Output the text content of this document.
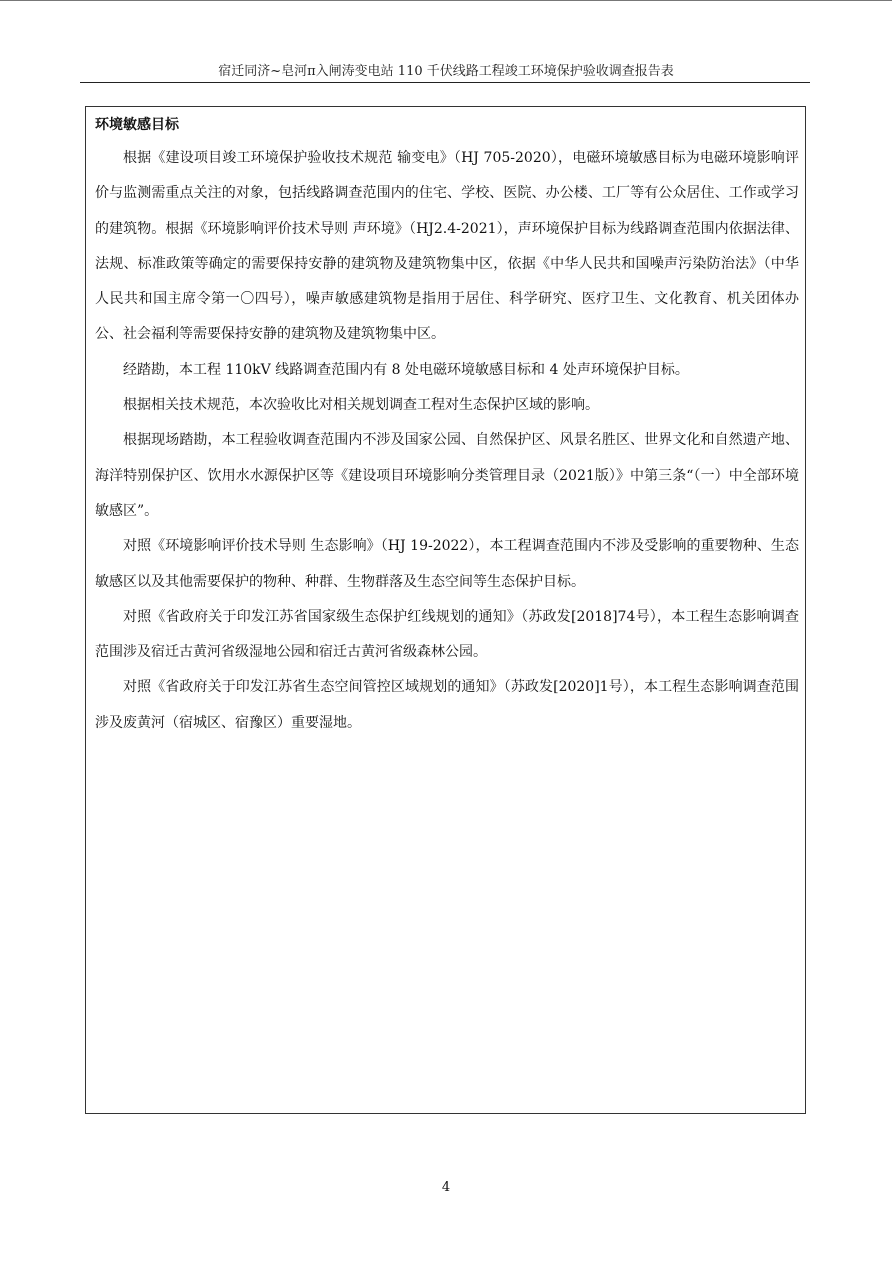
宿迁同济~皂河π入闸涛变电站 110 千伏线路工程竣工环境保护验收调查报告表
环境敏感目标

根据《建设项目竣工环境保护验收技术规范 输变电》（HJ 705-2020），电磁环境敏感目标为电磁环境影响评价与监测需重点关注的对象，包括线路调查范围内的住宅、学校、医院、办公楼、工厂等有公众居住、工作或学习的建筑物。根据《环境影响评价技术导则 声环境》（HJ2.4-2021），声环境保护目标为线路调查范围内依据法律、法规、标准政策等确定的需要保持安静的建筑物及建筑物集中区，依据《中华人民共和国噪声污染防治法》（中华人民共和国主席令第一〇四号），噪声敏感建筑物是指用于居住、科学研究、医疗卫生、文化教育、机关团体办公、社会福利等需要保持安静的建筑物及建筑物集中区。

经踏勘，本工程 110kV 线路调查范围内有 8 处电磁环境敏感目标和 4 处声环境保护目标。

根据相关技术规范，本次验收比对相关规划调查工程对生态保护区域的影响。

根据现场踏勘，本工程验收调查范围内不涉及国家公园、自然保护区、风景名胜区、世界文化和自然遗产地、海洋特别保护区、饮用水水源保护区等《建设项目环境影响分类管理目录（2021版）》中第三条“（一）中全部环境敏感区”。

对照《环境影响评价技术导则 生态影响》（HJ 19-2022），本工程调查范围内不涉及受影响的重要物种、生态敏感区以及其他需要保护的物种、种群、生物群落及生态空间等生态保护目标。

对照《省政府关于印发江苏省国家级生态保护红线规划的通知》（苏政发[2018]74号），本工程生态影响调查范围涉及宿迁古黄河省级湿地公园和宿迁古黄河省级森林公园。

对照《省政府关于印发江苏省生态空间管控区域规划的通知》（苏政发[2020]1号），本工程生态影响调查范围涉及废黄河（宿城区、宿豫区）重要湿地。

4
